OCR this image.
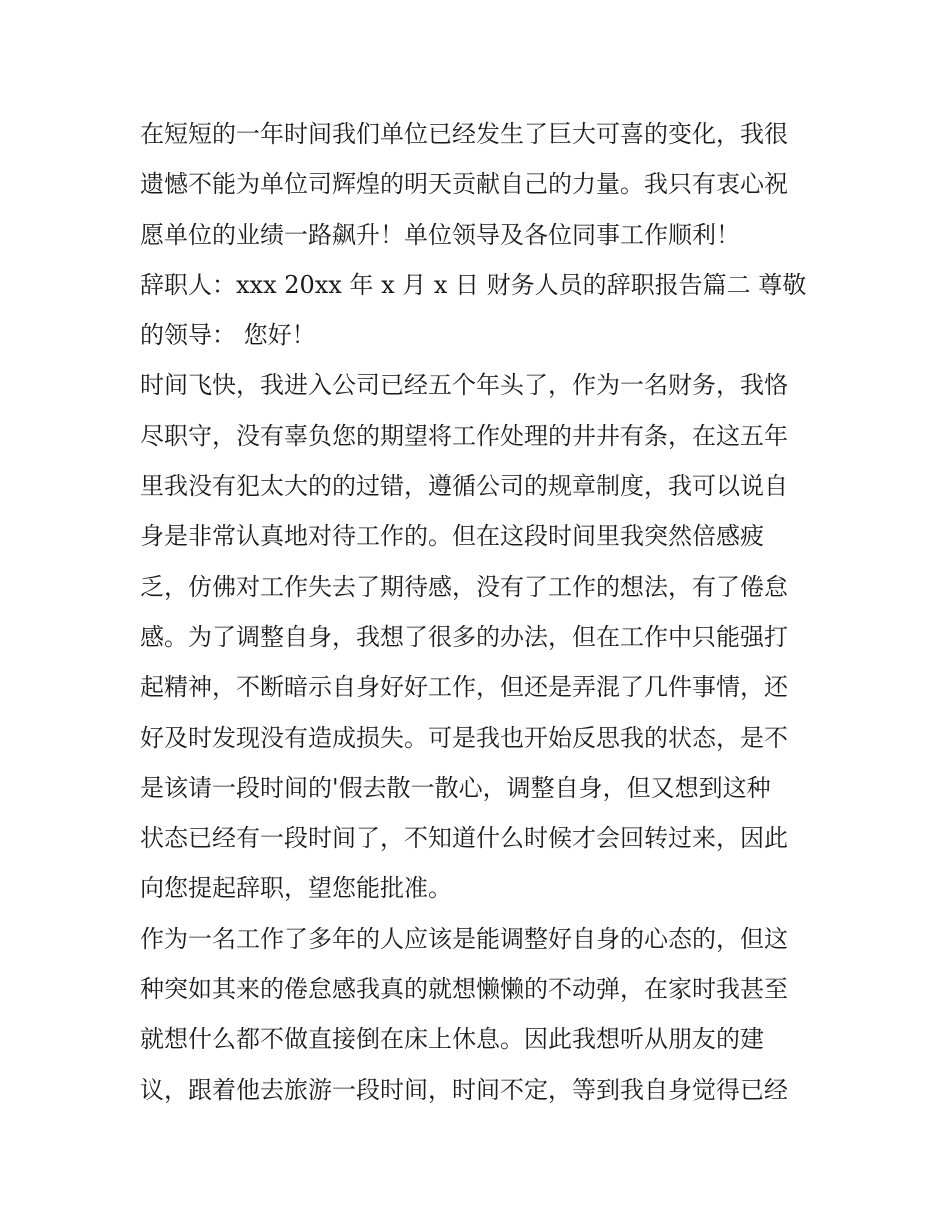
在短短的一年时间我们单位已经发生了巨大可喜的变化，我很
遗憾不能为单位司辉煌的明天贡献自己的力量。我只有衷心祝
愿单位的业绩一路飙升！单位领导及各位同事工作顺利！
辞职人：xxx 20xx 年 x 月 x 日 财务人员的辞职报告篇二 尊敬
的领导： 您好！
时间飞快，我进入公司已经五个年头了，作为一名财务，我恪
尽职守，没有辜负您的期望将工作处理的井井有条，在这五年
里我没有犯太大的的过错，遵循公司的规章制度，我可以说自
身是非常认真地对待工作的。但在这段时间里我突然倍感疲
乏，仿佛对工作失去了期待感，没有了工作的想法，有了倦怠
感。为了调整自身，我想了很多的办法，但在工作中只能强打
起精神，不断暗示自身好好工作，但还是弄混了几件事情，还
好及时发现没有造成损失。可是我也开始反思我的状态，是不
是该请一段时间的'假去散一散心，调整自身，但又想到这种
状态已经有一段时间了，不知道什么时候才会回转过来，因此
向您提起辞职，望您能批准。
作为一名工作了多年的人应该是能调整好自身的心态的，但这
种突如其来的倦怠感我真的就想懒懒的不动弹，在家时我甚至
就想什么都不做直接倒在床上休息。因此我想听从朋友的建
议，跟着他去旅游一段时间，时间不定，等到我自身觉得已经
